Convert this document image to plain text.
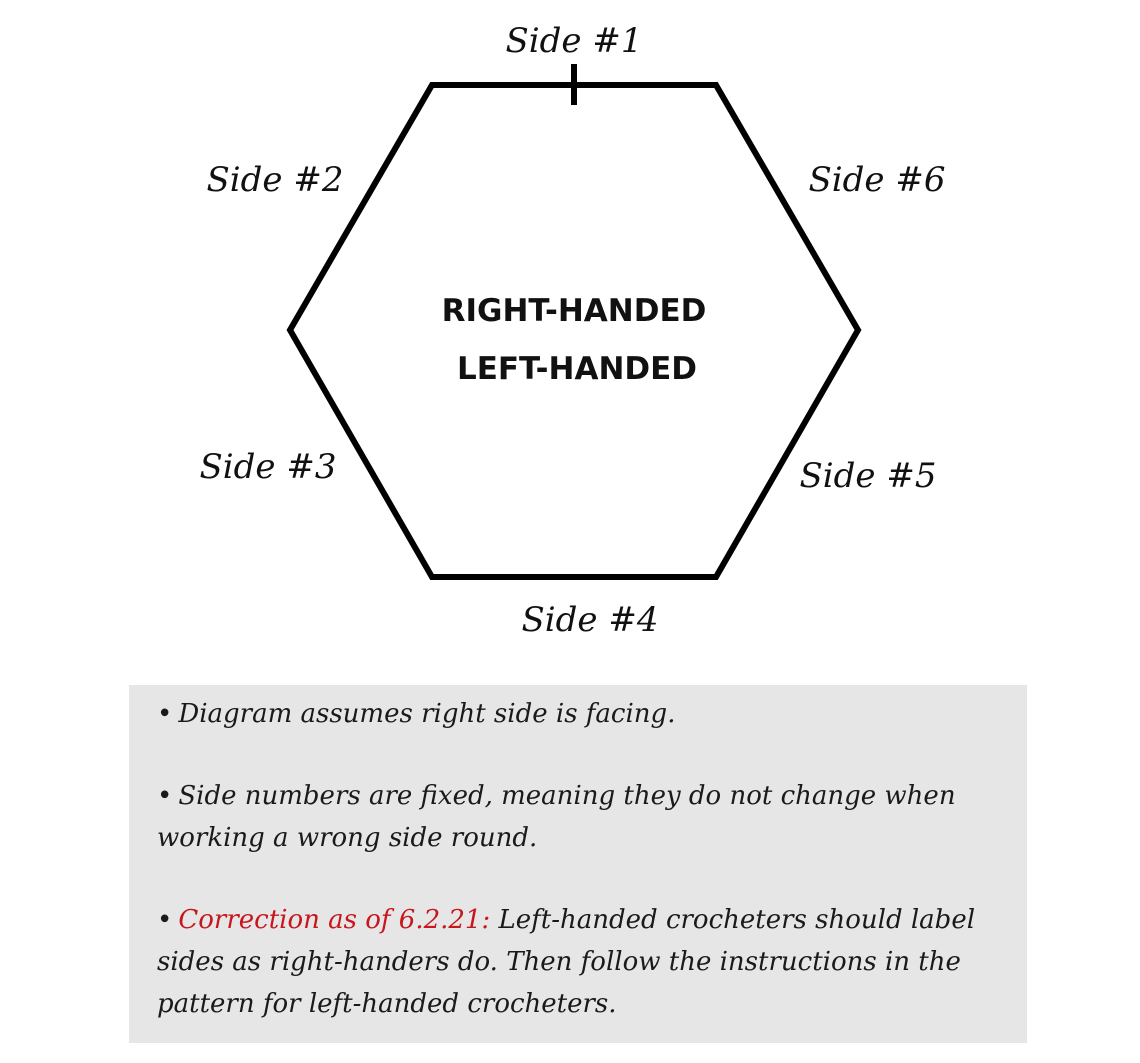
Side #1
Side #2
Side #3
Side #4
Side #5
Side #6
RIGHT-HANDED
LEFT-HANDED

• Diagram assumes right side is facing.

• Side numbers are fixed, meaning they do not change when working a wrong side round.

• Correction as of 6.2.21: Left-handed crocheters should label sides as right-handers do. Then follow the instructions in the pattern for left-handed crocheters.
